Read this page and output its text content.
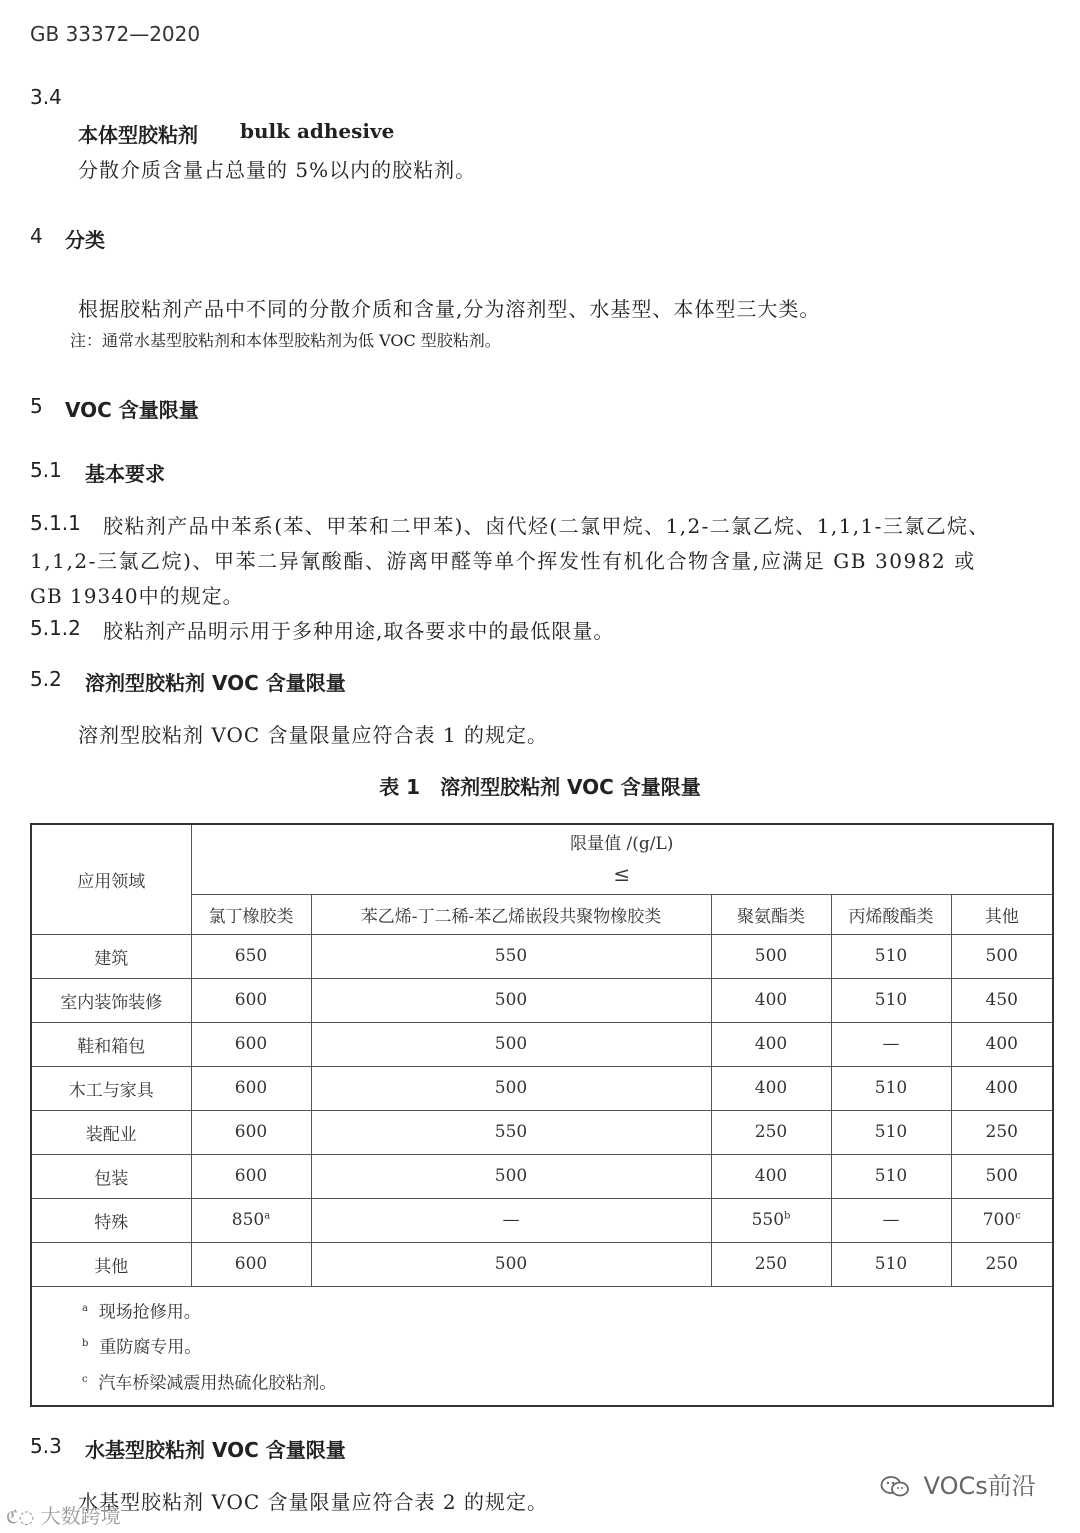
GB 33372—2020
3.4
本体型胶粘剂 bulk adhesive
分散介质含量占总量的 5%以内的胶粘剂。
4 分类
根据胶粘剂产品中不同的分散介质和含量,分为溶剂型、水基型、本体型三大类。
注：通常水基型胶粘剂和本体型胶粘剂为低 VOC 型胶粘剂。
5 VOC 含量限量
5.1 基本要求
5.1.1 胶粘剂产品中苯系(苯、甲苯和二甲苯)、卤代烃(二氯甲烷、1,2-二氯乙烷、1,1,1-三氯乙烷、
1,1,2-三氯乙烷)、甲苯二异氰酸酯、游离甲醛等单个挥发性有机化合物含量,应满足 GB 30982 或
GB 19340中的规定。
5.1.2 胶粘剂产品明示用于多种用途,取各要求中的最低限量。
5.2 溶剂型胶粘剂 VOC 含量限量
溶剂型胶粘剂 VOC 含量限量应符合表 1 的规定。
表 1　溶剂型胶粘剂 VOC 含量限量
应用领域	限量值 /(g/L)
≤				

	氯丁橡胶类	苯乙烯-丁二稀-苯乙烯嵌段共聚物橡胶类	聚氨酯类	丙烯酸酯类	其他
建筑	650	550	500	510	500
室内装饰装修	600	500	400	510	450
鞋和箱包	600	500	400	—	400
木工与家具	600	500	400	510	400
装配业	600	550	250	510	250
包装	600	500	400	510	500
特殊	850$^a$	—	550$^b$	—	700$^c$
其他	600	500	250	510	250

$^a$ 现场抢修用。
$^b$ 重防腐专用。
$^c$ 汽车桥梁减震用热硫化胶粘剂。					
5.3 水基型胶粘剂 VOC 含量限量
水基型胶粘剂 VOC 含量限量应符合表 2 的规定。
ℭ◌ 大数跨境
VOCs前沿
